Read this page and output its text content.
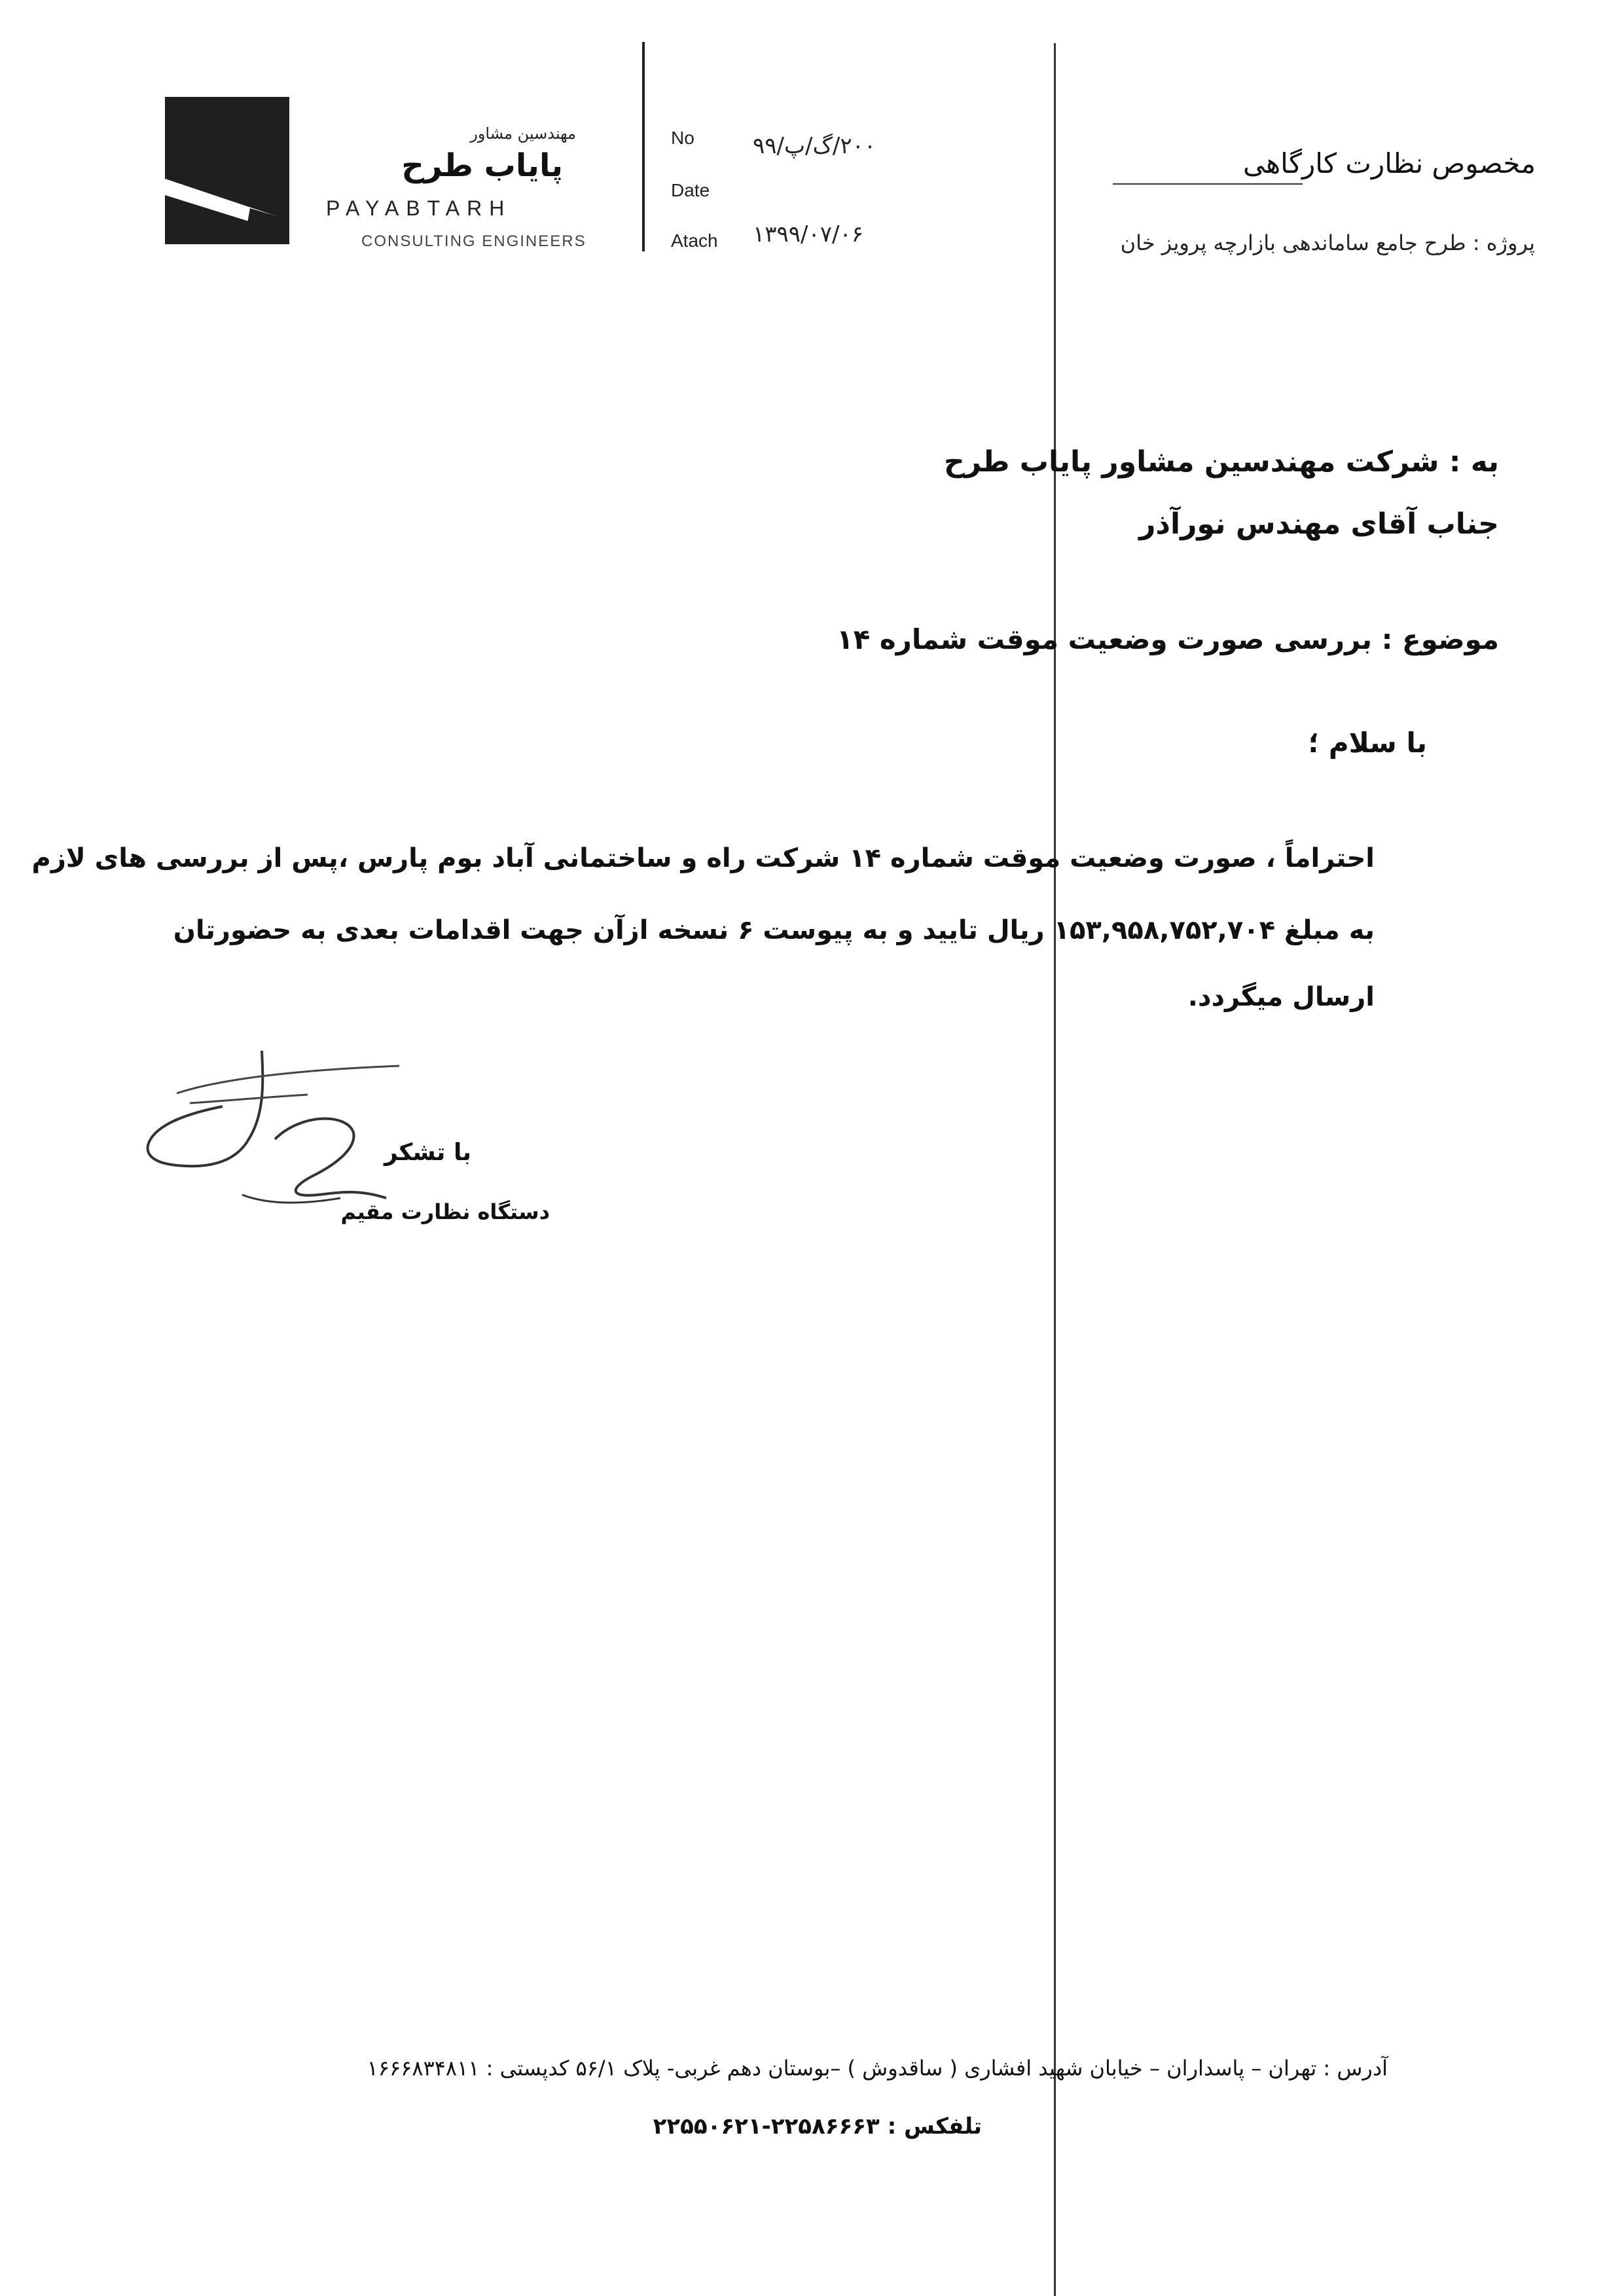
مهندسین مشاور
پایاب طرح
PAYABTARH
CONSULTING ENGINEERS
No	۲۰۰/گ/پ/۹۹
Date
Atach ۱۳۹۹/۰۷/۰۶
مخصوص نظارت کارگاهی
پروژه : طرح جامع ساماندهی بازارچه پرویز خان
به : شرکت مهندسین مشاور پایاب طرح
جناب آقای مهندس نورآذر
موضوع : بررسی صورت وضعیت موقت شماره ۱۴
با سلام ؛
احتراماً ، صورت وضعیت موقت شماره ۱۴ شرکت راه و ساختمانی آباد بوم پارس ،پس از بررسی های لازم
به مبلغ ۱۵۳,۹۵۸,۷۵۲,۷۰۴ ریال تایید و به پیوست ۶ نسخه ازآن جهت اقدامات بعدی به حضورتان
ارسال میگردد.
با تشکر
دستگاه نظارت مقیم
آدرس : تهران – پاسداران – خیابان شهید افشاری ( ساقدوش ) –بوستان دهم غربی- پلاک ۵۶/۱ کدپستی : ۱۶۶۶۸۳۴۸۱۱
تلفکس : ۲۲۵۸۶۶۶۳-۲۲۵۵۰۶۲۱
